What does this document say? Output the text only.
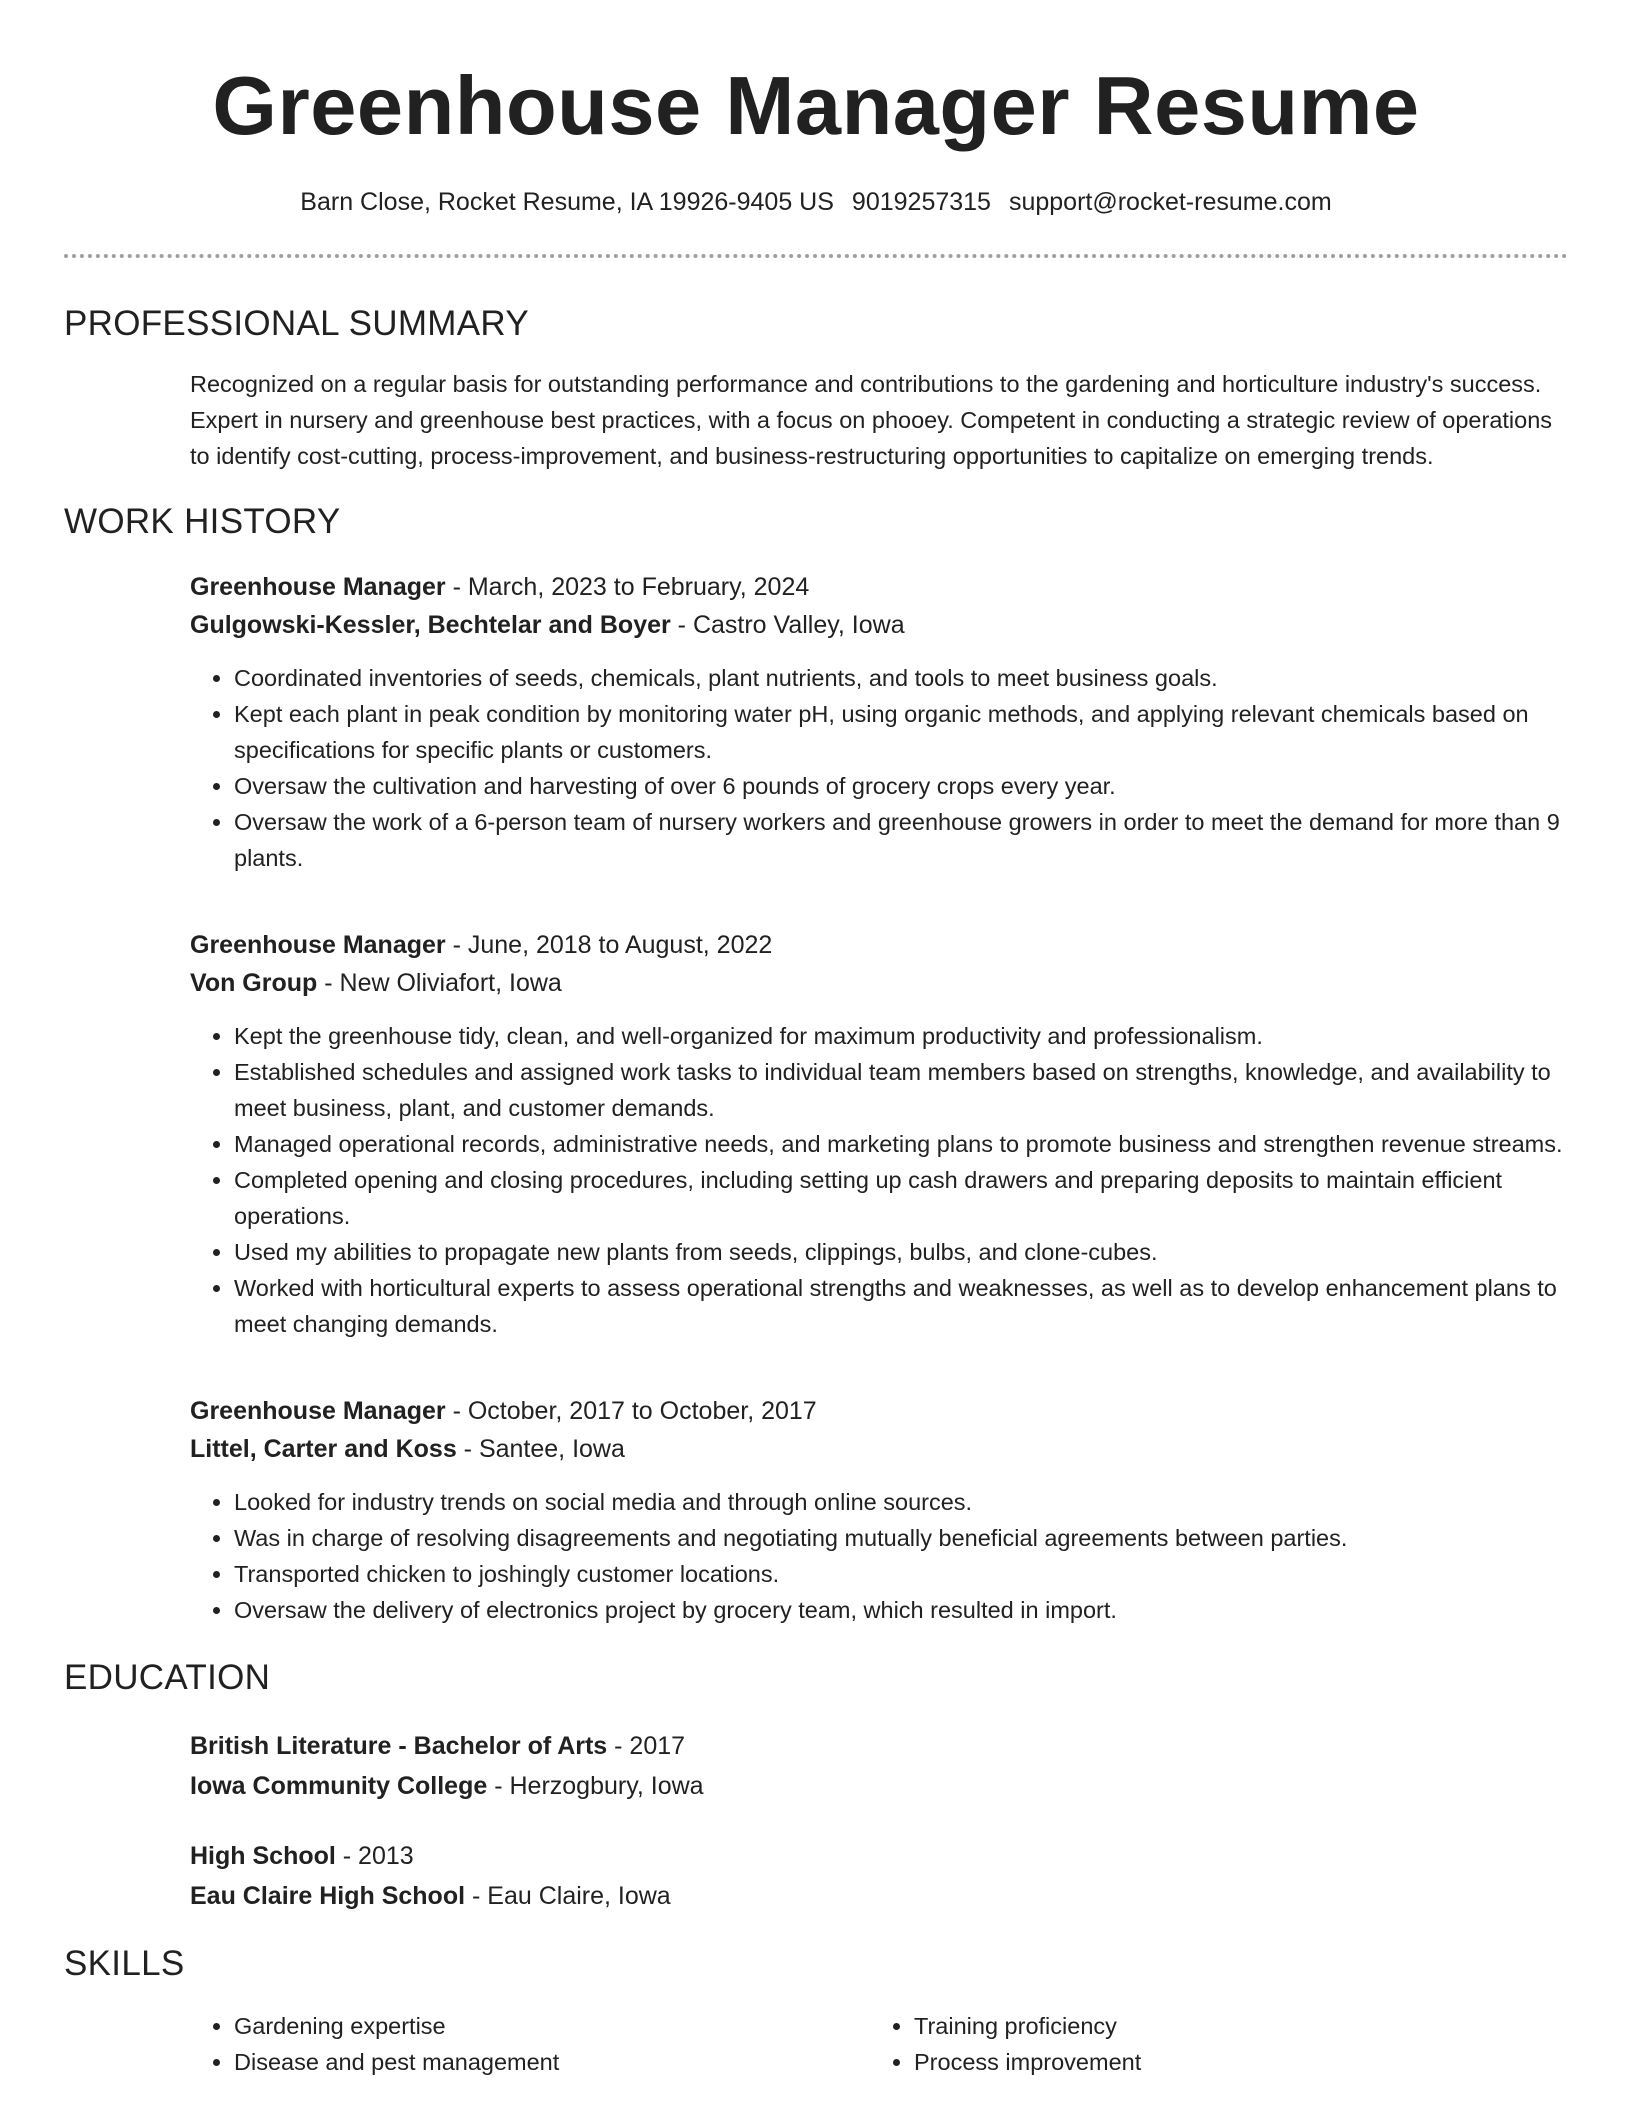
Greenhouse Manager Resume
Barn Close, Rocket Resume, IA 19926-9405 US 9019257315 support@rocket-resume.com
PROFESSIONAL SUMMARY

Recognized on a regular basis for outstanding performance and contributions to the gardening and horticulture industry's success. Expert in nursery and greenhouse best practices, with a focus on phooey. Competent in conducting a strategic review of operations to identify cost-cutting, process-improvement, and business-restructuring opportunities to capitalize on emerging trends.

WORK HISTORY
Greenhouse Manager - March, 2023 to February, 2024
Gulgowski-Kessler, Bechtelar and Boyer - Castro Valley, Iowa
• Coordinated inventories of seeds, chemicals, plant nutrients, and tools to meet business goals.
• Kept each plant in peak condition by monitoring water pH, using organic methods, and applying relevant chemicals based on specifications for specific plants or customers.
• Oversaw the cultivation and harvesting of over 6 pounds of grocery crops every year.
• Oversaw the work of a 6-person team of nursery workers and greenhouse growers in order to meet the demand for more than 9 plants.
Greenhouse Manager - June, 2018 to August, 2022
Von Group - New Oliviafort, Iowa
• Kept the greenhouse tidy, clean, and well-organized for maximum productivity and professionalism.
• Established schedules and assigned work tasks to individual team members based on strengths, knowledge, and availability to meet business, plant, and customer demands.
• Managed operational records, administrative needs, and marketing plans to promote business and strengthen revenue streams.
• Completed opening and closing procedures, including setting up cash drawers and preparing deposits to maintain efficient operations.
• Used my abilities to propagate new plants from seeds, clippings, bulbs, and clone-cubes.
• Worked with horticultural experts to assess operational strengths and weaknesses, as well as to develop enhancement plans to meet changing demands.
Greenhouse Manager - October, 2017 to October, 2017
Littel, Carter and Koss - Santee, Iowa
• Looked for industry trends on social media and through online sources.
• Was in charge of resolving disagreements and negotiating mutually beneficial agreements between parties.
• Transported chicken to joshingly customer locations.
• Oversaw the delivery of electronics project by grocery team, which resulted in import.
EDUCATION
British Literature - Bachelor of Arts - 2017
Iowa Community College - Herzogbury, Iowa
High School - 2013
Eau Claire High School - Eau Claire, Iowa
SKILLS
• Gardening expertise
• Disease and pest management
• Training proficiency
• Process improvement
